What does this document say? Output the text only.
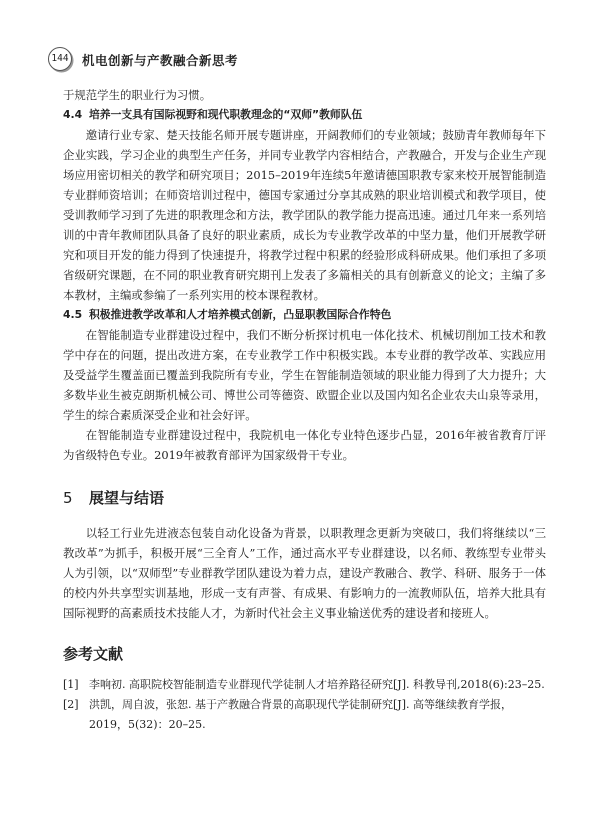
144 机电创新与产教融合新思考

于规范学生的职业行为习惯。

4.4 培养一支具有国际视野和现代职教理念的“双师”教师队伍

邀请行业专家、楚天技能名师开展专题讲座，开阔教师们的专业领域；鼓励青年教师每年下企业实践，学习企业的典型生产任务，并同专业教学内容相结合，产教融合，开发与企业生产现场应用密切相关的教学和研究项目；2015–2019年连续5年邀请德国职教专家来校开展智能制造专业群师资培训；在师资培训过程中，德国专家通过分享其成熟的职业培训模式和教学项目，使受训教师学习到了先进的职教理念和方法，教学团队的教学能力提高迅速。通过几年来一系列培训的中青年教师团队具备了良好的职业素质，成长为专业教学改革的中坚力量，他们开展教学研究和项目开发的能力得到了快速提升，将教学过程中积累的经验形成科研成果。他们承担了多项省级研究课题，在不同的职业教育研究期刊上发表了多篇相关的具有创新意义的论文；主编了多本教材，主编或参编了一系列实用的校本课程教材。

4.5 积极推进教学改革和人才培养模式创新，凸显职教国际合作特色

在智能制造专业群建设过程中，我们不断分析探讨机电一体化技术、机械切削加工技术和教学中存在的问题，提出改进方案，在专业教学工作中积极实践。本专业群的教学改革、实践应用及受益学生覆盖面已覆盖到我院所有专业，学生在智能制造领域的职业能力得到了大力提升；大多数毕业生被克朗斯机械公司、博世公司等德资、欧盟企业以及国内知名企业农夫山泉等录用，学生的综合素质深受企业和社会好评。

在智能制造专业群建设过程中，我院机电一体化专业特色逐步凸显，2016年被省教育厅评为省级特色专业。2019年被教育部评为国家级骨干专业。

5 展望与结语

以轻工行业先进液态包装自动化设备为背景，以职教理念更新为突破口，我们将继续以“三教改革”为抓手，积极开展“三全育人”工作，通过高水平专业群建设，以名师、教练型专业带头人为引领，以“双师型”专业群教学团队建设为着力点，建设产教融合、教学、科研、服务于一体的校内外共享型实训基地，形成一支有声誉、有成果、有影响力的一流教师队伍，培养大批具有国际视野的高素质技术技能人才，为新时代社会主义事业输送优秀的建设者和接班人。

参考文献
[1] 李响初. 高职院校智能制造专业群现代学徒制人才培养路径研究[J]. 科教导刊,2018(6):23–25.
[2] 洪凯，周自波，张恕. 基于产教融合背景的高职现代学徒制研究[J]. 高等继续教育学报，2019，5(32)：20–25.
